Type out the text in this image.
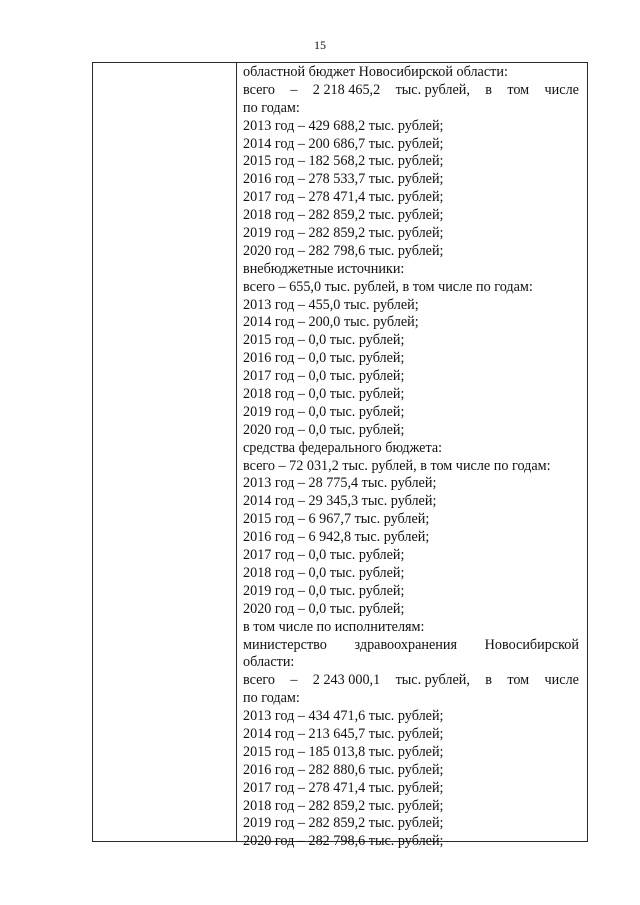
15
областной бюджет Новосибирской области:
всего – 2 218 465,2 тыс. рублей, в том числе
по годам:
2013 год – 429 688,2 тыс. рублей;
2014 год – 200 686,7 тыс. рублей;
2015 год – 182 568,2 тыс. рублей;
2016 год – 278 533,7 тыс. рублей;
2017 год – 278 471,4 тыс. рублей;
2018 год – 282 859,2 тыс. рублей;
2019 год – 282 859,2 тыс. рублей;
2020 год – 282 798,6 тыс. рублей;
внебюджетные источники:
всего – 655,0 тыс. рублей, в том числе по годам:
2013 год – 455,0 тыс. рублей;
2014 год – 200,0 тыс. рублей;
2015 год – 0,0 тыс. рублей;
2016 год – 0,0 тыс. рублей;
2017 год – 0,0 тыс. рублей;
2018 год – 0,0 тыс. рублей;
2019 год – 0,0 тыс. рублей;
2020 год – 0,0 тыс. рублей;
средства федерального бюджета:
всего – 72 031,2 тыс. рублей, в том числе по годам:
2013 год – 28 775,4 тыс. рублей;
2014 год – 29 345,3 тыс. рублей;
2015 год – 6 967,7 тыс. рублей;
2016 год – 6 942,8 тыс. рублей;
2017 год – 0,0 тыс. рублей;
2018 год – 0,0 тыс. рублей;
2019 год – 0,0 тыс. рублей;
2020 год – 0,0 тыс. рублей;
в том числе по исполнителям:
министерство здравоохранения Новосибирской
области:
всего – 2 243 000,1 тыс. рублей, в том числе
по годам:
2013 год – 434 471,6 тыс. рублей;
2014 год – 213 645,7 тыс. рублей;
2015 год – 185 013,8 тыс. рублей;
2016 год – 282 880,6 тыс. рублей;
2017 год – 278 471,4 тыс. рублей;
2018 год – 282 859,2 тыс. рублей;
2019 год – 282 859,2 тыс. рублей;
2020 год – 282 798,6 тыс. рублей;
